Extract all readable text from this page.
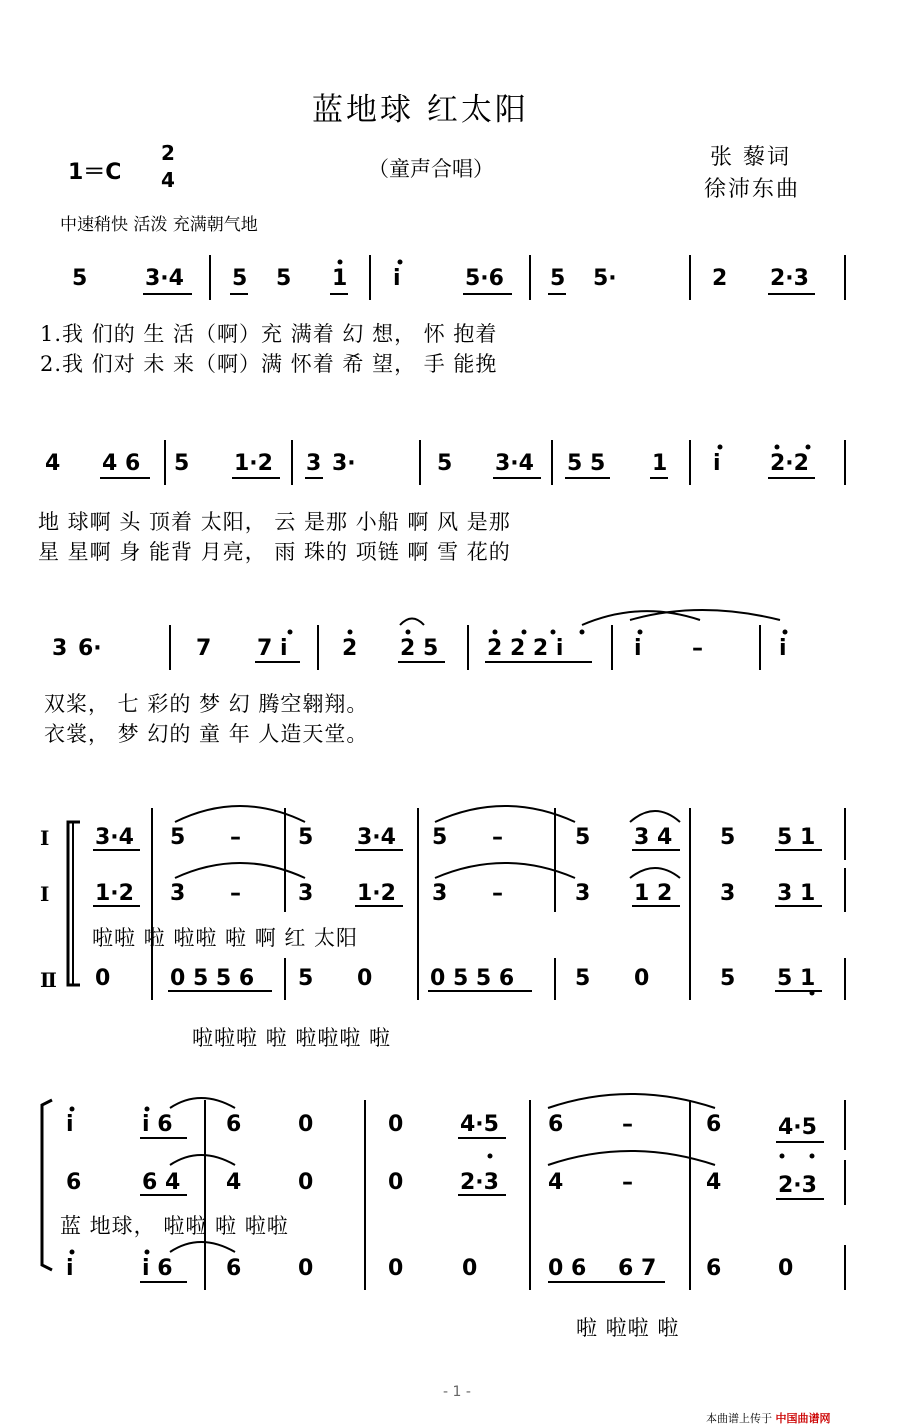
蓝地球 红太阳
1＝C
2
4	（童声合唱）	张 藜词
徐沛东曲
中速稍快 活泼 充满朝气地
1.我 们的 生 活（啊）充 满着 幻 想， 怀 抱着
2.我 们对 未 来（啊）满 怀着 希 望， 手 能挽
地 球啊 头 顶着 太阳， 云 是那 小船 啊 风 是那
星 星啊 身 能背 月亮， 雨 珠的 项链 啊 雪 花的
双桨， 七 彩的 梦 幻 腾空翱翔。
衣裳， 梦 幻的 童 年 人造天堂。
啦啦 啦 啦啦 啦 啊 红 太阳
啦啦啦 啦 啦啦啦 啦
蓝 地球， 啦啦 啦 啦啦
啦 啦啦 啦
I
I
Ⅱ
- 1 -
本曲谱上传于 中国曲谱网
5	3·4 5 5 1 i	5·6 5 5·	2 2·3
4 4 6 5 1·2 3 3·	5 3·4 5 5 1 i 2·2
3 6·	7 7 i 2 2 5 2 2 2 i	i –	i
3·4 5 –	5 3·4 5 –	5 3 4 5 5 1
1·2 3 –	3 1·2 3 –	3 1 2 3 3 1
0	0 5 5 6 5 0	0 5 5 6	5 0	5 5 1
i	i 6 6	0	0	4·5 6	–	6	4·5
6	6 4 4	0	0	2·3 4	–	4	2·3
i	i 6 6	0	0	0	0 6 6 7 6	0
